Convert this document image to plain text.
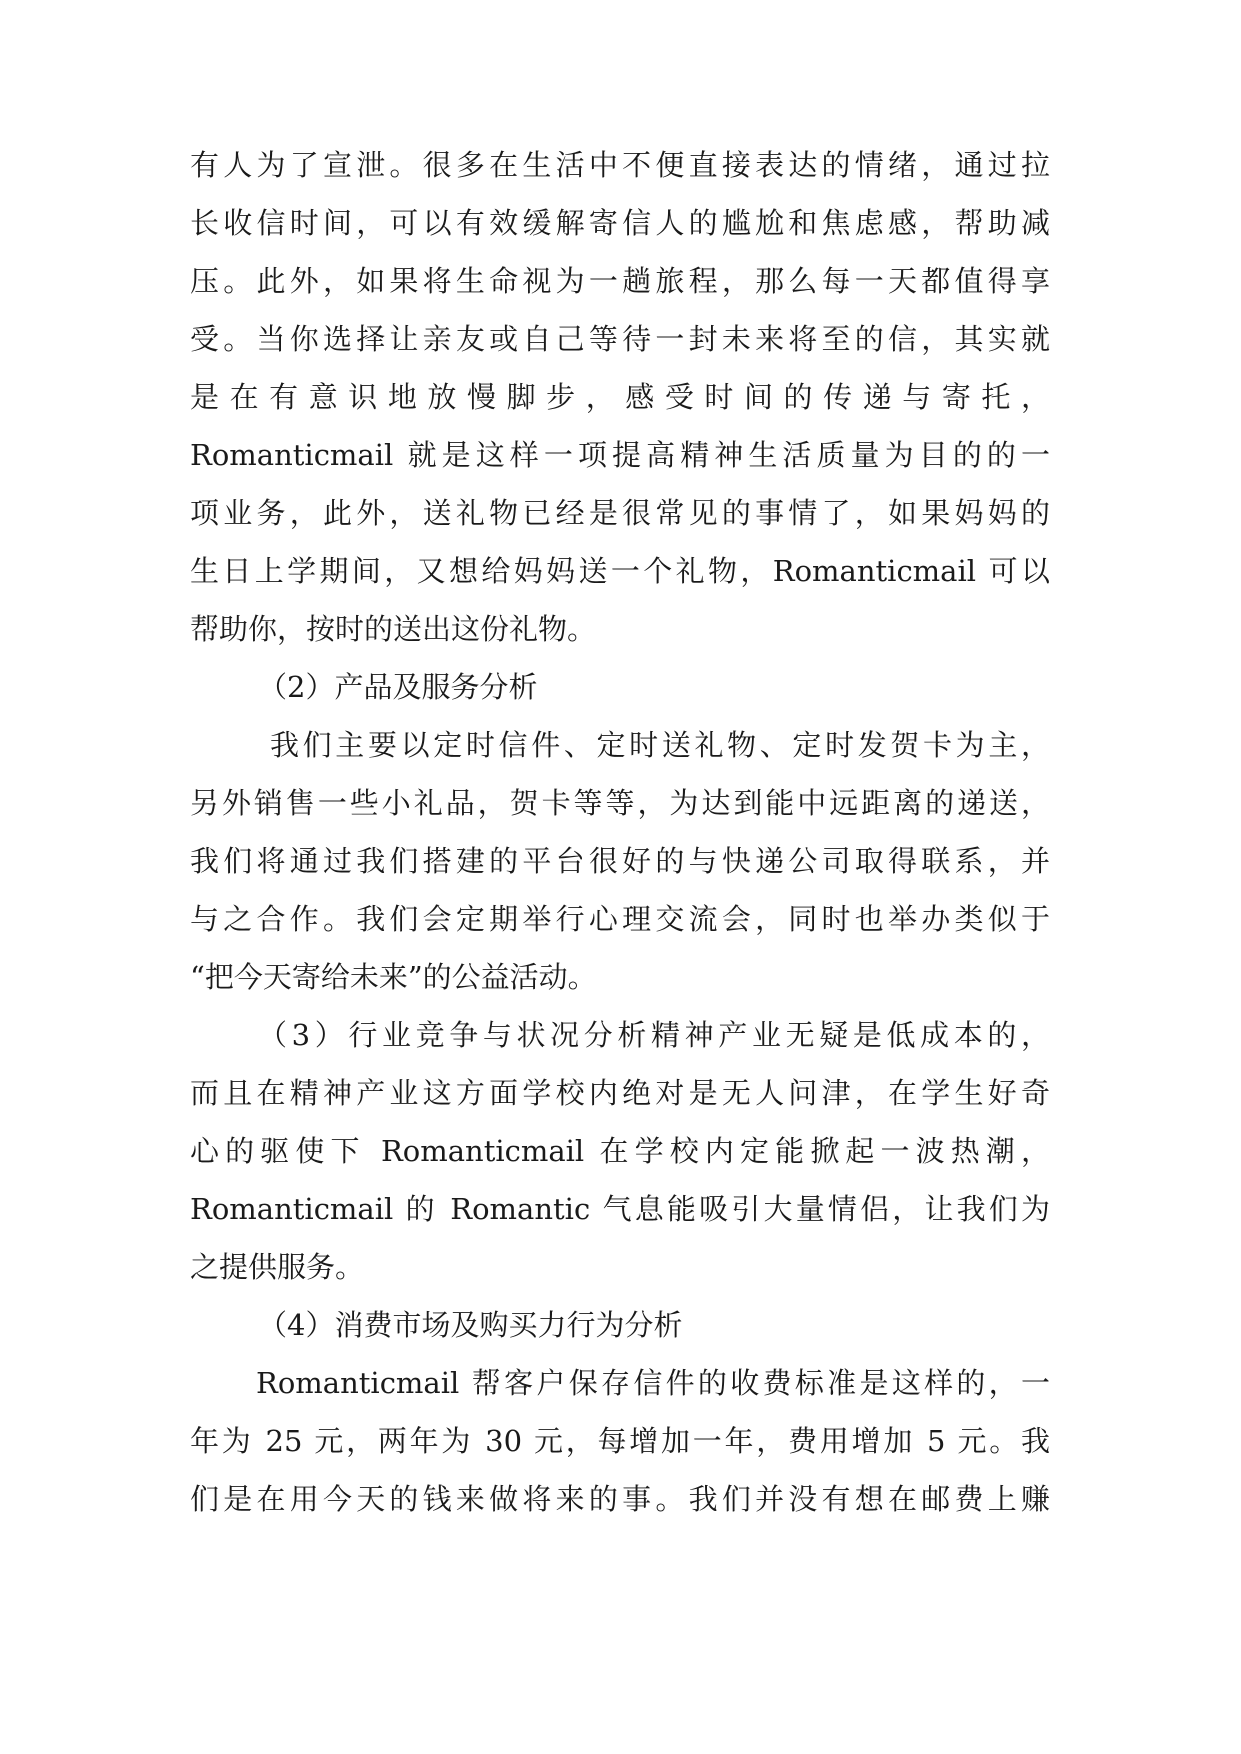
有人为了宣泄。很多在生活中不便直接表达的情绪，通过拉
长收信时间，可以有效缓解寄信人的尴尬和焦虑感，帮助减
压。此外，如果将生命视为一趟旅程，那么每一天都值得享
受。当你选择让亲友或自己等待一封未来将至的信，其实就
是在有意识地放慢脚步，感受时间的传递与寄托，
Romanticmail 就是这样一项提高精神生活质量为目的的一
项业务，此外，送礼物已经是很常见的事情了，如果妈妈的
生日上学期间，又想给妈妈送一个礼物，Romanticmail 可以
帮助你，按时的送出这份礼物。
（2）产品及服务分析
我们主要以定时信件、定时送礼物、定时发贺卡为主，
另外销售一些小礼品，贺卡等等，为达到能中远距离的递送，
我们将通过我们搭建的平台很好的与快递公司取得联系，并
与之合作。我们会定期举行心理交流会，同时也举办类似于
“把今天寄给未来”的公益活动。
（3）行业竞争与状况分析精神产业无疑是低成本的，
而且在精神产业这方面学校内绝对是无人问津，在学生好奇
心的驱使下 Romanticmail 在学校内定能掀起一波热潮，
Romanticmail 的 Romantic 气息能吸引大量情侣，让我们为
之提供服务。
（4）消费市场及购买力行为分析
Romanticmail 帮客户保存信件的收费标准是这样的，一
年为 25 元，两年为 30 元，每增加一年，费用增加 5 元。我
们是在用今天的钱来做将来的事。我们并没有想在邮费上赚
